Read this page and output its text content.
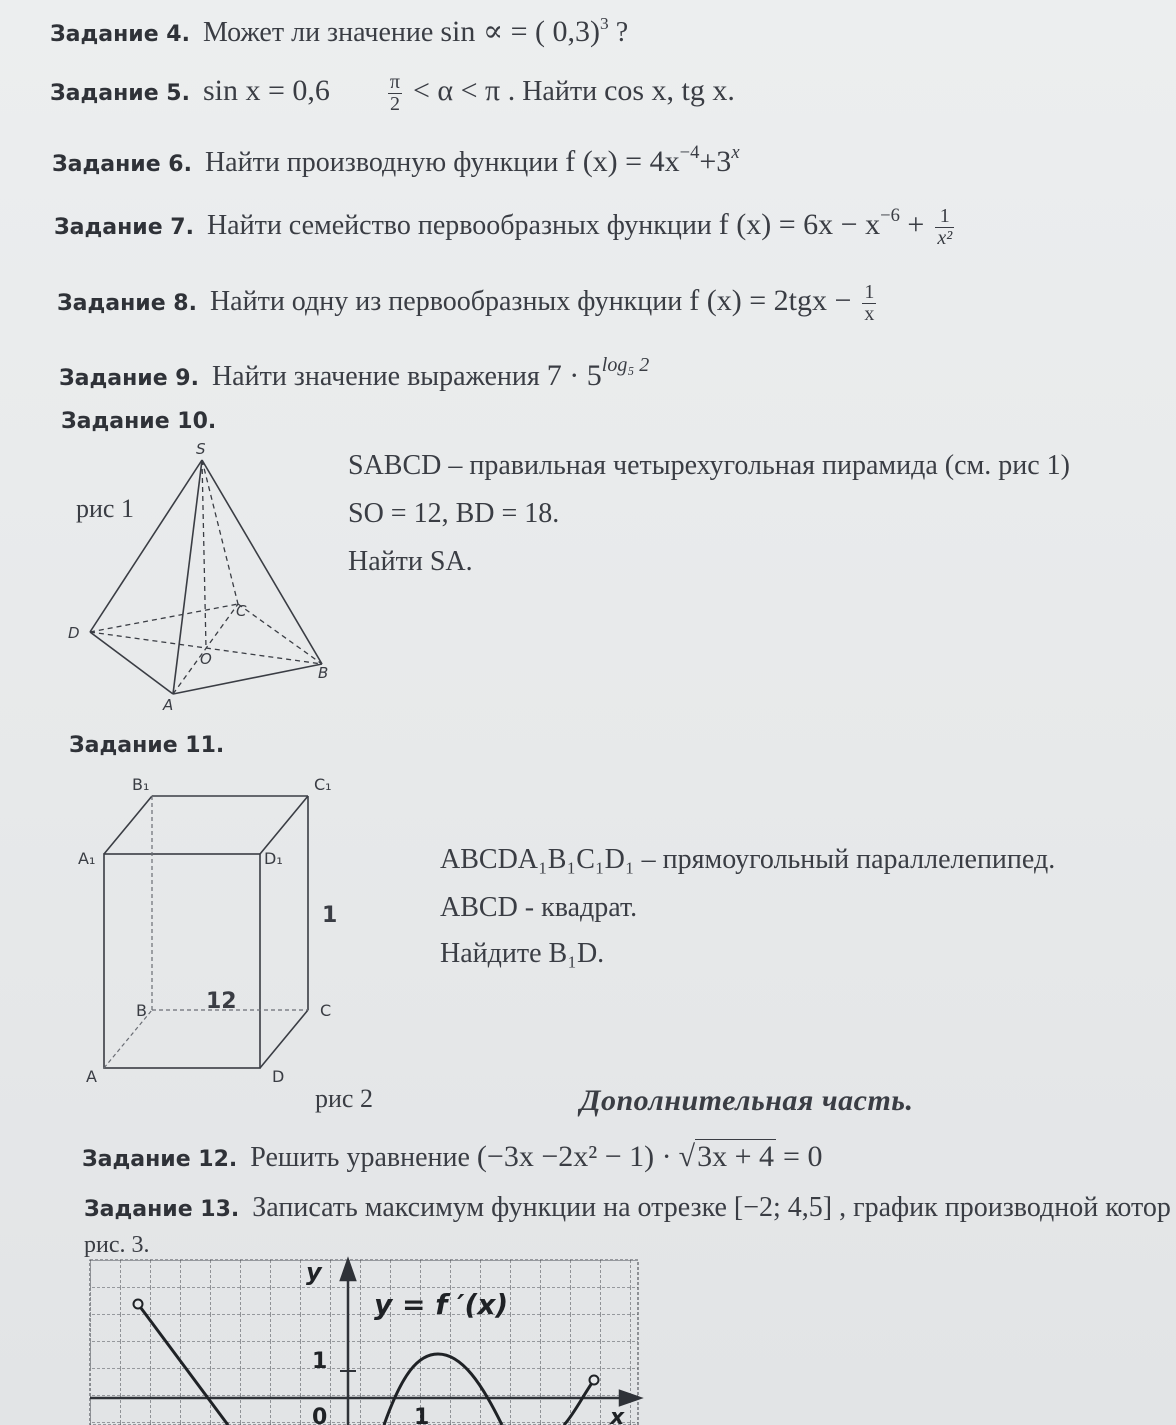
Задание 4. Может ли значение sin ∝ = ( 0,3)$^3$ ?
Задание 5. sin x = 0,6	$\frac{\pi}{2} < \alpha < \pi$ . Найти cos x, tg x.
Задание 6. Найти производную функции f $(x) = 4x^{-4}+3^x$
Задание 7. Найти семейство первообразных функции f $(x) = 6x - x^{-6} + \frac{1}{\text{x²}}$
Задание 8. Найти одну из первообразных функции f $(x) = 2tgx - \frac{1}{x}$
Задание 9. Найти значение выражения $7 \cdot 5^{log_5 2}$
Задание 10.
рис 1
S
C
D
O
B
A
SABCD – правильная четырехугольная пирамида (см. рис 1)
SO = 12, BD = 18.
Найти SA.
Задание 11.
B₁	C₁
A₁	D₁
B	C
A	D
1
12
ABCDA₁B₁C₁D₁ – прямоугольный параллелепипед.
ABCD - квадрат.
Найдите B₁D.
рис 2	Дополнительная часть.
Задание 12. Решить уравнение (−3x −2x² − 1) · √3x + 4 = 0
Задание 13. Записать максимум функции на отрезке [−2; 4,5] , график производной котор
рис. 3.
y
x
y = f ′(x)
1
0	1
